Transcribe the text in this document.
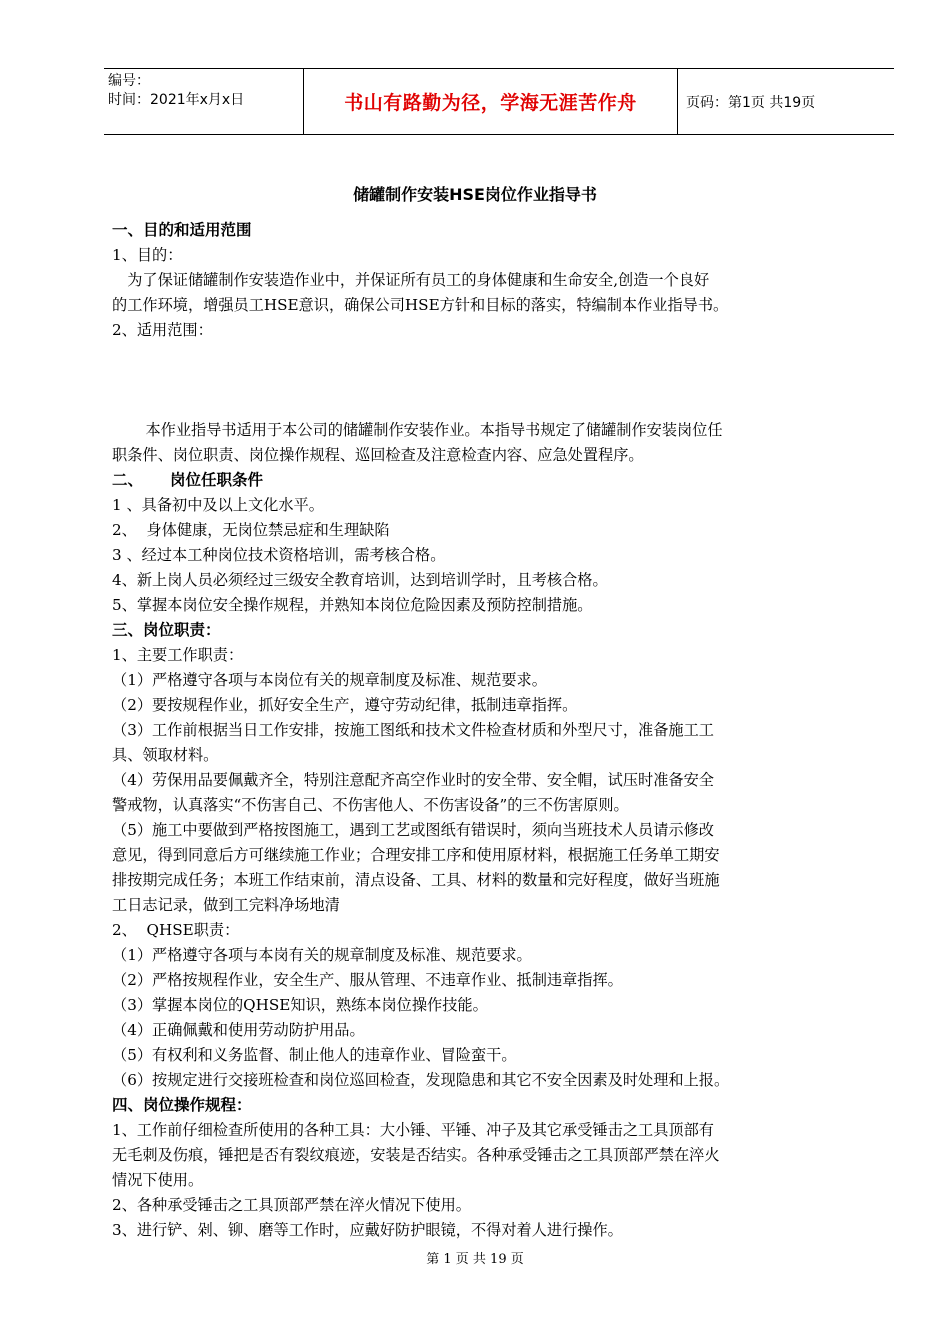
编号：
时间：2021年x月x日	书山有路勤为径，学海无涯苦作舟	页码：第1页 共19页
储罐制作安装HSE岗位作业指导书

一、目的和适用范围

1、目的：

为了保证储罐制作安装造作业中，并保证所有员工的身体健康和生命安全,创造一个良好

的工作环境，增强员工HSE意识，确保公司HSE方针和目标的落实，特编制本作业指导书。

2、适用范围：

本作业指导书适用于本公司的储罐制作安装作业。本指导书规定了储罐制作安装岗位任

职条件、岗位职责、岗位操作规程、巡回检查及注意检查内容、应急处置程序。

二、     岗位任职条件

1 、具备初中及以上文化水平。

2、  身体健康，无岗位禁忌症和生理缺陷

3 、经过本工种岗位技术资格培训，需考核合格。

4、新上岗人员必须经过三级安全教育培训，达到培训学时，且考核合格。

5、掌握本岗位安全操作规程，并熟知本岗位危险因素及预防控制措施。

三、岗位职责：

1、主要工作职责：

（1）严格遵守各项与本岗位有关的规章制度及标准、规范要求。

（2）要按规程作业，抓好安全生产，遵守劳动纪律，抵制违章指挥。

（3）工作前根据当日工作安排，按施工图纸和技术文件检查材质和外型尺寸，准备施工工

具、领取材料。

（4）劳保用品要佩戴齐全，特别注意配齐高空作业时的安全带、安全帽，试压时准备安全

警戒物，认真落实“不伤害自己、不伤害他人、不伤害设备”的三不伤害原则。

（5）施工中要做到严格按图施工，遇到工艺或图纸有错误时，须向当班技术人员请示修改

意见，得到同意后方可继续施工作业；合理安排工序和使用原材料，根据施工任务单工期安

排按期完成任务；本班工作结束前，清点设备、工具、材料的数量和完好程度，做好当班施

工日志记录，做到工完料净场地清

2、  QHSE职责：

（1）严格遵守各项与本岗有关的规章制度及标准、规范要求。

（2）严格按规程作业，安全生产、服从管理、不违章作业、抵制违章指挥。

（3）掌握本岗位的QHSE知识，熟练本岗位操作技能。

（4）正确佩戴和使用劳动防护用品。

（5）有权利和义务监督、制止他人的违章作业、冒险蛮干。

（6）按规定进行交接班检查和岗位巡回检查，发现隐患和其它不安全因素及时处理和上报。

四、岗位操作规程：

1、工作前仔细检查所使用的各种工具：大小锤、平锤、冲子及其它承受锤击之工具顶部有

无毛刺及伤痕，锤把是否有裂纹痕迹，安装是否结实。各种承受锤击之工具顶部严禁在淬火

情况下使用。

2、各种承受锤击之工具顶部严禁在淬火情况下使用。

3、进行铲、剁、铆、磨等工作时，应戴好防护眼镜，不得对着人进行操作。

第 1 页 共 19 页
